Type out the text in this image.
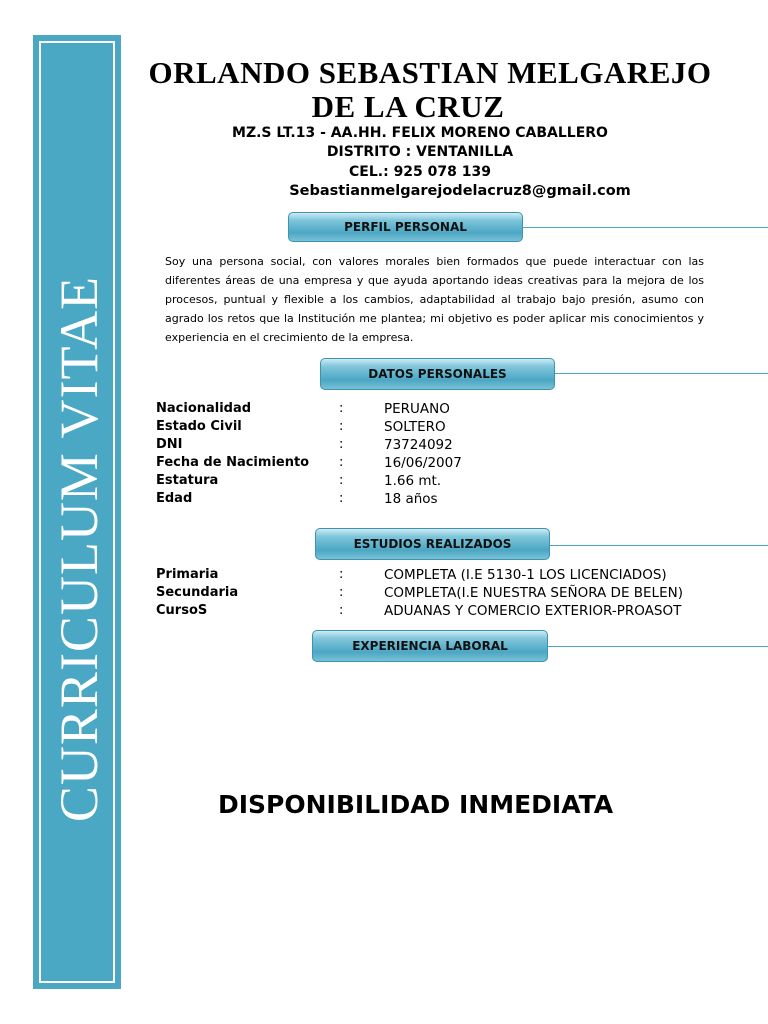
CURRICULUM VITAE
ORLANDO SEBASTIAN MELGAREJO
DE LA CRUZ
MZ.S LT.13 - AA.HH. FELIX MORENO CABALLERO
DISTRITO : VENTANILLA
CEL.: 925 078 139
Sebastianmelgarejodelacruz8@gmail.com
PERFIL PERSONAL
Soy una persona social, con valores morales bien formados que puede interactuar con las diferentes áreas de una empresa y que ayuda aportando ideas creativas para la mejora de los procesos, puntual y flexible a los cambios, adaptabilidad al trabajo bajo presión, asumo con agrado los retos que la Institución me plantea; mi objetivo es poder aplicar mis conocimientos y experiencia en el crecimiento de la empresa.
DATOS PERSONALES
Nacionalidad	:	PERUANO
Estado Civil	:	SOLTERO
DNI	:	73724092
Fecha de Nacimiento :	16/06/2007
Estatura	:	1.66 mt.
Edad	:	18 años
ESTUDIOS REALIZADOS
Primaria	:	COMPLETA (I.E 5130-1 LOS LICENCIADOS)
Secundaria	:	COMPLETA(I.E NUESTRA SEÑORA DE BELEN)
CursoS	:	ADUANAS Y COMERCIO EXTERIOR-PROASOT
EXPERIENCIA LABORAL
DISPONIBILIDAD INMEDIATA
